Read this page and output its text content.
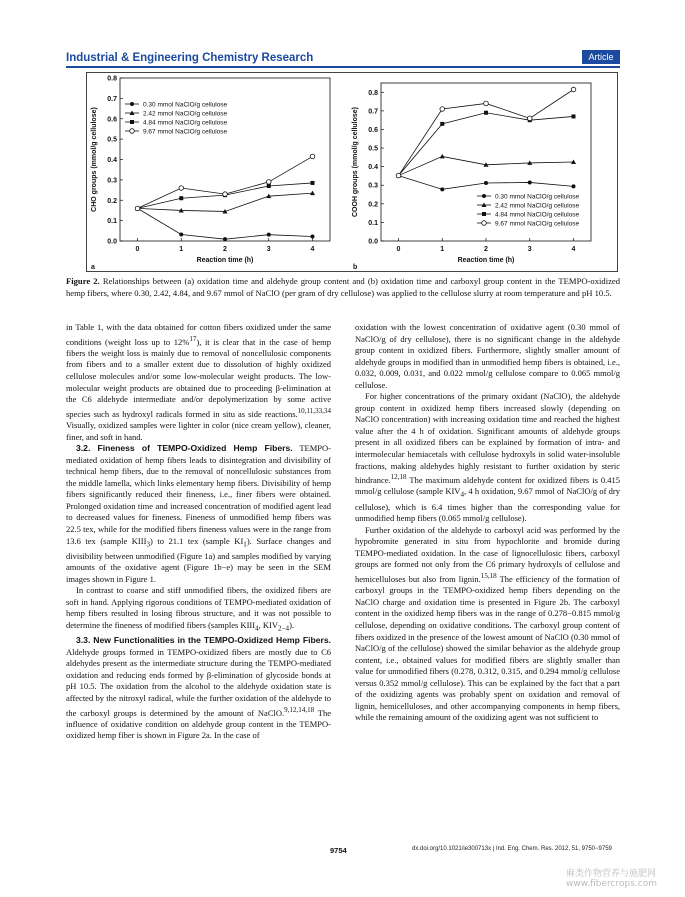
Industrial & Engineering Chemistry Research	Article
0.0
0.1
0.2
0.3
0.4
0.5
0.6
0.7
0.8
0	1	2	3	4
Reaction time (h)
CHO groups (mmol/g cellulose)
0.30 mmol NaClO/g cellulose
2.42 mmol NaClO/g cellulose
4.84 mmol NaClO/g cellulose
9.67 mmol NaClO/g cellulose
a
0.0
0.1
0.2
0.3
0.4
0.5
0.6
0.7
0.8
0	1	2	3	4
Reaction time (h)
COOH groups (mmol/g cellulose)	0.30 mmol NaClO/g cellulose
2.42 mmol NaClO/g cellulose
4.84 mmol NaClO/g cellulose
9.67 mmol NaClO/g cellulose
b
Figure 2. Relationships between (a) oxidation time and aldehyde group content and (b) oxidation time and carboxyl group content in the TEMPO-oxidized hemp fibers, where 0.30, 2.42, 4.84, and 9.67 mmol of NaClO (per gram of dry cellulose) was applied to the cellulose slurry at room temperature and pH 10.5.

in Table 1, with the data obtained for cotton fibers oxidized under the same conditions (weight loss up to 12%$^{17}$), it is clear that in the case of hemp fibers the weight loss is mainly due to removal of noncellulosic components from fibers and to a smaller extent due to dissolution of highly oxidized cellulose molecules and/or some low-molecular weight products. The low-molecular weight products are obtained due to proceeding β-elimination at the C6 aldehyde intermediate and/or depolymerization by some active species such as hydroxyl radicals formed in situ as side reactions.$^{10,11,33,34}$ Visually, oxidized samples were lighter in color (nice cream yellow), cleaner, finer, and soft in hand.

3.2. Fineness of TEMPO-Oxidized Hemp Fibers. TEMPO-mediated oxidation of hemp fibers leads to disintegration and divisibility of technical hemp fibers, due to the removal of noncellulosic substances from the middle lamella, which links elementary hemp fibers. Divisibility of hemp fibers significantly reduced their fineness, i.e., finer fibers were obtained. Prolonged oxidation time and increased concentration of modified agent lead to decreased values for fineness. Fineness of unmodified hemp fibers was 22.5 tex, while for the modified fibers fineness values were in the range from 13.6 tex (sample $KIII_3$) to 21.1 tex (sample $KI_1$). Surface changes and divisibility between unmodified (Figure 1a) and samples modified by varying amounts of the oxidative agent (Figure 1b−e) may be seen in the SEM images shown in Figure 1.

In contrast to coarse and stiff unmodified fibers, the oxidized fibers are soft in hand. Applying rigorous conditions of TEMPO-mediated oxidation of hemp fibers resulted in losing fibrous structure, and it was not possible to determine the fineness of modified fibers (samples $KIII_4$, $KIV_{2-4}$).

3.3. New Functionalities in the TEMPO-Oxidized Hemp Fibers. Aldehyde groups formed in TEMPO-oxidized fibers are mostly due to C6 aldehydes present as the intermediate structure during the TEMPO-mediated oxidation and reducing ends formed by β-elimination of glycoside bonds at pH 10.5. The oxidation from the alcohol to the aldehyde oxidation state is affected by the nitroxyl radical, while the further oxidation of the aldehyde to the carboxyl groups is determined by the amount of NaClO.$^{9,12,14,18}$ The influence of oxidative condition on aldehyde group content in the TEMPO-oxidized hemp fiber is shown in Figure 2a. In the case of

oxidation with the lowest concentration of oxidative agent (0.30 mmol of NaClO/g of dry cellulose), there is no significant change in the aldehyde group content in oxidized fibers. Furthermore, slightly smaller amount of aldehyde groups in modified than in unmodified hemp fibers is obtained, i.e., 0.032, 0.009, 0.031, and 0.022 mmol/g cellulose compare to 0.065 mmol/g cellulose.

For higher concentrations of the primary oxidant (NaClO), the aldehyde group content in oxidized hemp fibers increased slowly (depending on NaClO concentration) with increasing oxidation time and reached the highest value after the 4 h of oxidation. Significant amounts of aldehyde groups present in all oxidized fibers can be explained by formation of intra- and intermolecular hemiacetals with cellulose hydroxyls in solid water-insoluble fractions, making aldehydes highly resistant to further oxidation by steric hindrance.$^{12,18}$ The maximum aldehyde content for oxidized fibers is 0.415 mmol/g cellulose (sample $KIV_4$, 4 h oxidation, 9.67 mmol of NaClO/g of dry cellulose), which is 6.4 times higher than the corresponding value for unmodified hemp fibers (0.065 mmol/g cellulose).

Further oxidation of the aldehyde to carboxyl acid was performed by the hypobromite generated in situ from hypochlorite and bromide during TEMPO-mediated oxidation. In the case of lignocellulosic fibers, carboxyl groups are formed not only from the C6 primary hydroxyls of cellulose and hemicelluloses but also from lignin.$^{15,18}$ The efficiency of the formation of carboxyl groups in the TEMPO-oxidized hemp fibers depending on the NaClO charge and oxidation time is presented in Figure 2b. The carboxyl content in the oxidized hemp fibers was in the range of 0.278−0.815 mmol/g cellulose, depending on oxidative conditions. The carboxyl group content of fibers oxidized in the presence of the lowest amount of NaClO (0.30 mmol of NaClO/g of the cellulose) showed the similar behavior as the aldehyde group content, i.e., obtained values for modified fibers are slightly smaller than value for unmodified fibers (0.278, 0.312, 0.315, and 0.294 mmol/g cellulose versus 0.352 mmol/g cellulose). This can be explained by the fact that a part of the oxidizing agents was probably spent on oxidation and removal of lignin, hemicelluloses, and other accompanying components in hemp fibers, while the remaining amount of the oxidizing agent was not sufficient to

9754	dx.doi.org/10.1021/ie300713x | Ind. Eng. Chem. Res. 2012, 51, 9750−9759
麻类作物营养与施肥网
www.fibercrops.com
